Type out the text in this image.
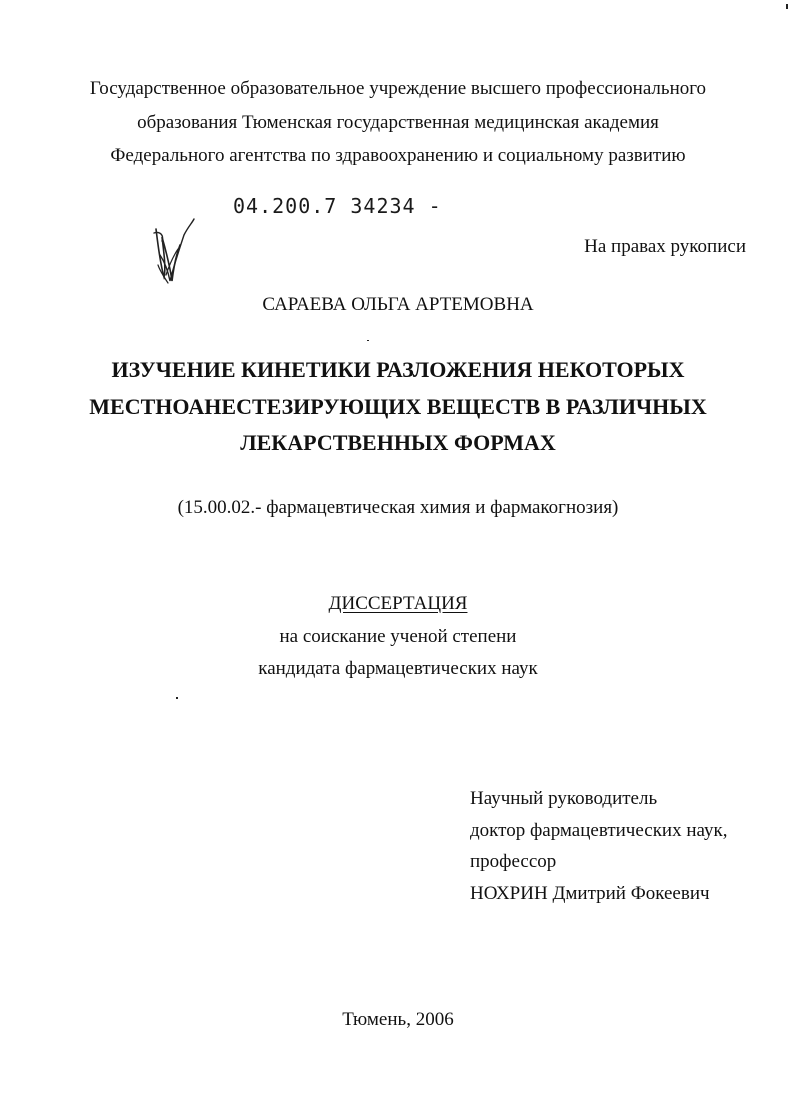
Государственное образовательное учреждение высшего профессионального
образования Тюменская государственная медицинская академия
Федерального агентства по здравоохранению и социальному развитию
04.200.7 34234 -
На правах рукописи
САРАЕВА ОЛЬГА АРТЕМОВНА
ИЗУЧЕНИЕ КИНЕТИКИ РАЗЛОЖЕНИЯ НЕКОТОРЫХ
МЕСТНОАНЕСТЕЗИРУЮЩИХ ВЕЩЕСТВ В РАЗЛИЧНЫХ
ЛЕКАРСТВЕННЫХ ФОРМАХ
(15.00.02.- фармацевтическая химия и фармакогнозия)
ДИССЕРТАЦИЯ
на соискание ученой степени
кандидата фармацевтических наук
Научный руководитель
доктор фармацевтических наук,
профессор
НОХРИН Дмитрий Фокеевич
Тюмень, 2006
